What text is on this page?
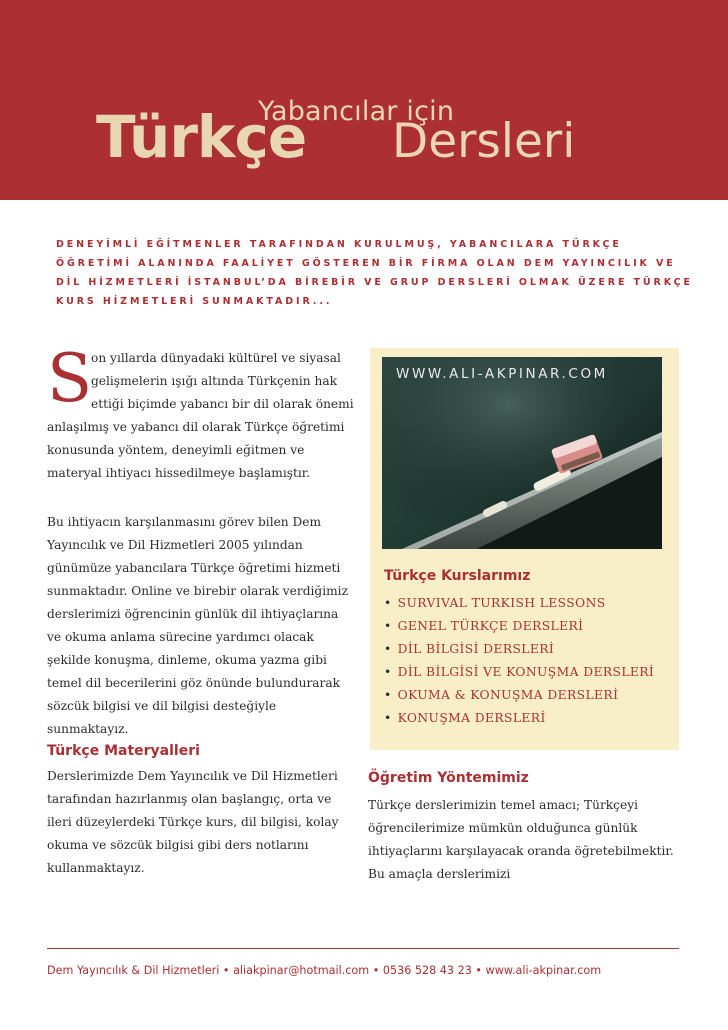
Yabancılar için
Türkçe Dersleri
DENEYİMLİ EĞİTMENLER TARAFINDAN KURULMUŞ, YABANCILARA TÜRKÇE ÖĞRETİMİ ALANINDA FAALİYET GÖSTEREN BİR FİRMA OLAN DEM YAYINCILIK VE DİL HİZMETLERİ İSTANBUL’DA BİREBİR VE GRUP DERSLERİ OLMAK ÜZERE TÜRKÇE KURS HİZMETLERİ SUNMAKTADIR...
S
on yıllarda dünyadaki kültürel ve siyasal gelişmelerin ışığı altında Türkçenin hak ettiği biçimde yabancı bir dil olarak önemi anlaşılmış ve yabancı dil olarak Türkçe öğretimi konusunda yöntem, deneyimli eğitmen ve materyal ihtiyacı hissedilmeye başlamıştır.
Bu ihtiyacın karşılanmasını görev bilen Dem Yayıncılık ve Dil Hizmetleri 2005 yılından günümüze yabancılara Türkçe öğretimi hizmeti sunmaktadır. Online ve birebir olarak verdiğimiz derslerimizi öğrencinin günlük dil ihtiyaçlarına ve okuma anlama sürecine yardımcı olacak şekilde konuşma, dinleme, okuma yazma gibi temel dil becerilerini göz önünde bulundurarak sözcük bilgisi ve dil bilgisi desteğiyle sunmaktayız.
Türkçe Materyalleri
Derslerimizde Dem Yayıncılık ve Dil Hizmetleri tarafından hazırlanmış olan başlangıç, orta ve ileri düzeylerdeki Türkçe kurs, dil bilgisi, kolay okuma ve sözcük bilgisi gibi ders notlarını kullanmaktayız.
WWW.ALI-AKPINAR.COM
Türkçe Kurslarımız
• SURVIVAL TURKISH LESSONS
• GENEL TÜRKÇE DERSLERİ
• DİL BİLGİSİ DERSLERİ
• DİL BİLGİSİ VE KONUŞMA DERSLERİ
• OKUMA & KONUŞMA DERSLERİ
• KONUŞMA DERSLERİ
Öğretim Yöntemimiz
Türkçe derslerimizin temel amacı; Türkçeyi öğrencilerimize mümkün olduğunca günlük ihtiyaçlarını karşılayacak oranda öğretebilmektir. Bu amaçla derslerimizi
Dem Yayıncılık & Dil Hizmetleri • aliakpinar@hotmail.com • 0536 528 43 23 • www.ali-akpinar.com
